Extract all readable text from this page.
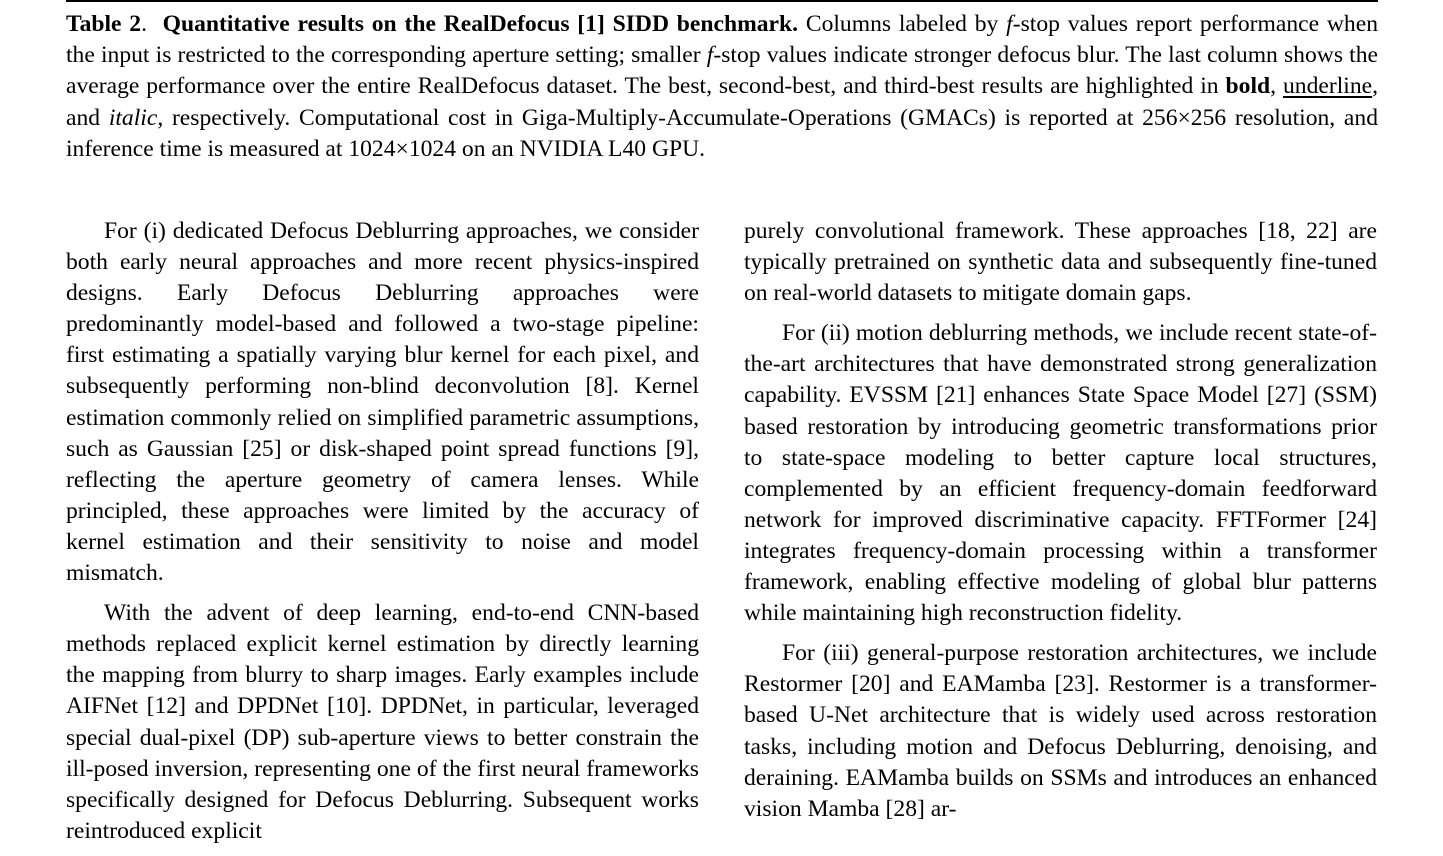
Table 2.  Quantitative results on the RealDefocus [1] SIDD benchmark. Columns labeled by f-stop values report performance when the input is restricted to the corresponding aperture setting; smaller f-stop values indicate stronger defocus blur. The last column shows the average performance over the entire RealDefocus dataset. The best, second-best, and third-best results are highlighted in bold, underline, and italic, respectively. Computational cost in Giga-Multiply-Accumulate-Operations (GMACs) is reported at 256×256 resolution, and inference time is measured at 1024×1024 on an NVIDIA L40 GPU.

For (i) dedicated Defocus Deblurring approaches, we consider both early neural approaches and more recent physics-inspired designs. Early Defocus Deblurring approaches were predominantly model-based and followed a two-stage pipeline: first estimating a spatially varying blur kernel for each pixel, and subsequently performing non-blind deconvolution [8]. Kernel estimation commonly relied on simplified parametric assumptions, such as Gaussian [25] or disk-shaped point spread functions [9], reflecting the aperture geometry of camera lenses. While principled, these approaches were limited by the accuracy of kernel estimation and their sensitivity to noise and model mismatch.

With the advent of deep learning, end-to-end CNN-based methods replaced explicit kernel estimation by directly learning the mapping from blurry to sharp images. Early examples include AIFNet [12] and DPDNet [10]. DPDNet, in particular, leveraged special dual-pixel (DP) sub-aperture views to better constrain the ill-posed inversion, representing one of the first neural frameworks specifically designed for Defocus Deblurring. Subsequent works reintroduced explicit

purely convolutional framework. These approaches [18, 22] are typically pretrained on synthetic data and subsequently fine-tuned on real-world datasets to mitigate domain gaps.

For (ii) motion deblurring methods, we include recent state-of-the-art architectures that have demonstrated strong generalization capability. EVSSM [21] enhances State Space Model [27] (SSM) based restoration by introducing geometric transformations prior to state-space modeling to better capture local structures, complemented by an efficient frequency-domain feedforward network for improved discriminative capacity. FFTFormer [24] integrates frequency-domain processing within a transformer framework, enabling effective modeling of global blur patterns while maintaining high reconstruction fidelity.

For (iii) general-purpose restoration architectures, we include Restormer [20] and EAMamba [23]. Restormer is a transformer-based U-Net architecture that is widely used across restoration tasks, including motion and Defocus Deblurring, denoising, and deraining. EAMamba builds on SSMs and introduces an enhanced vision Mamba [28] ar-
